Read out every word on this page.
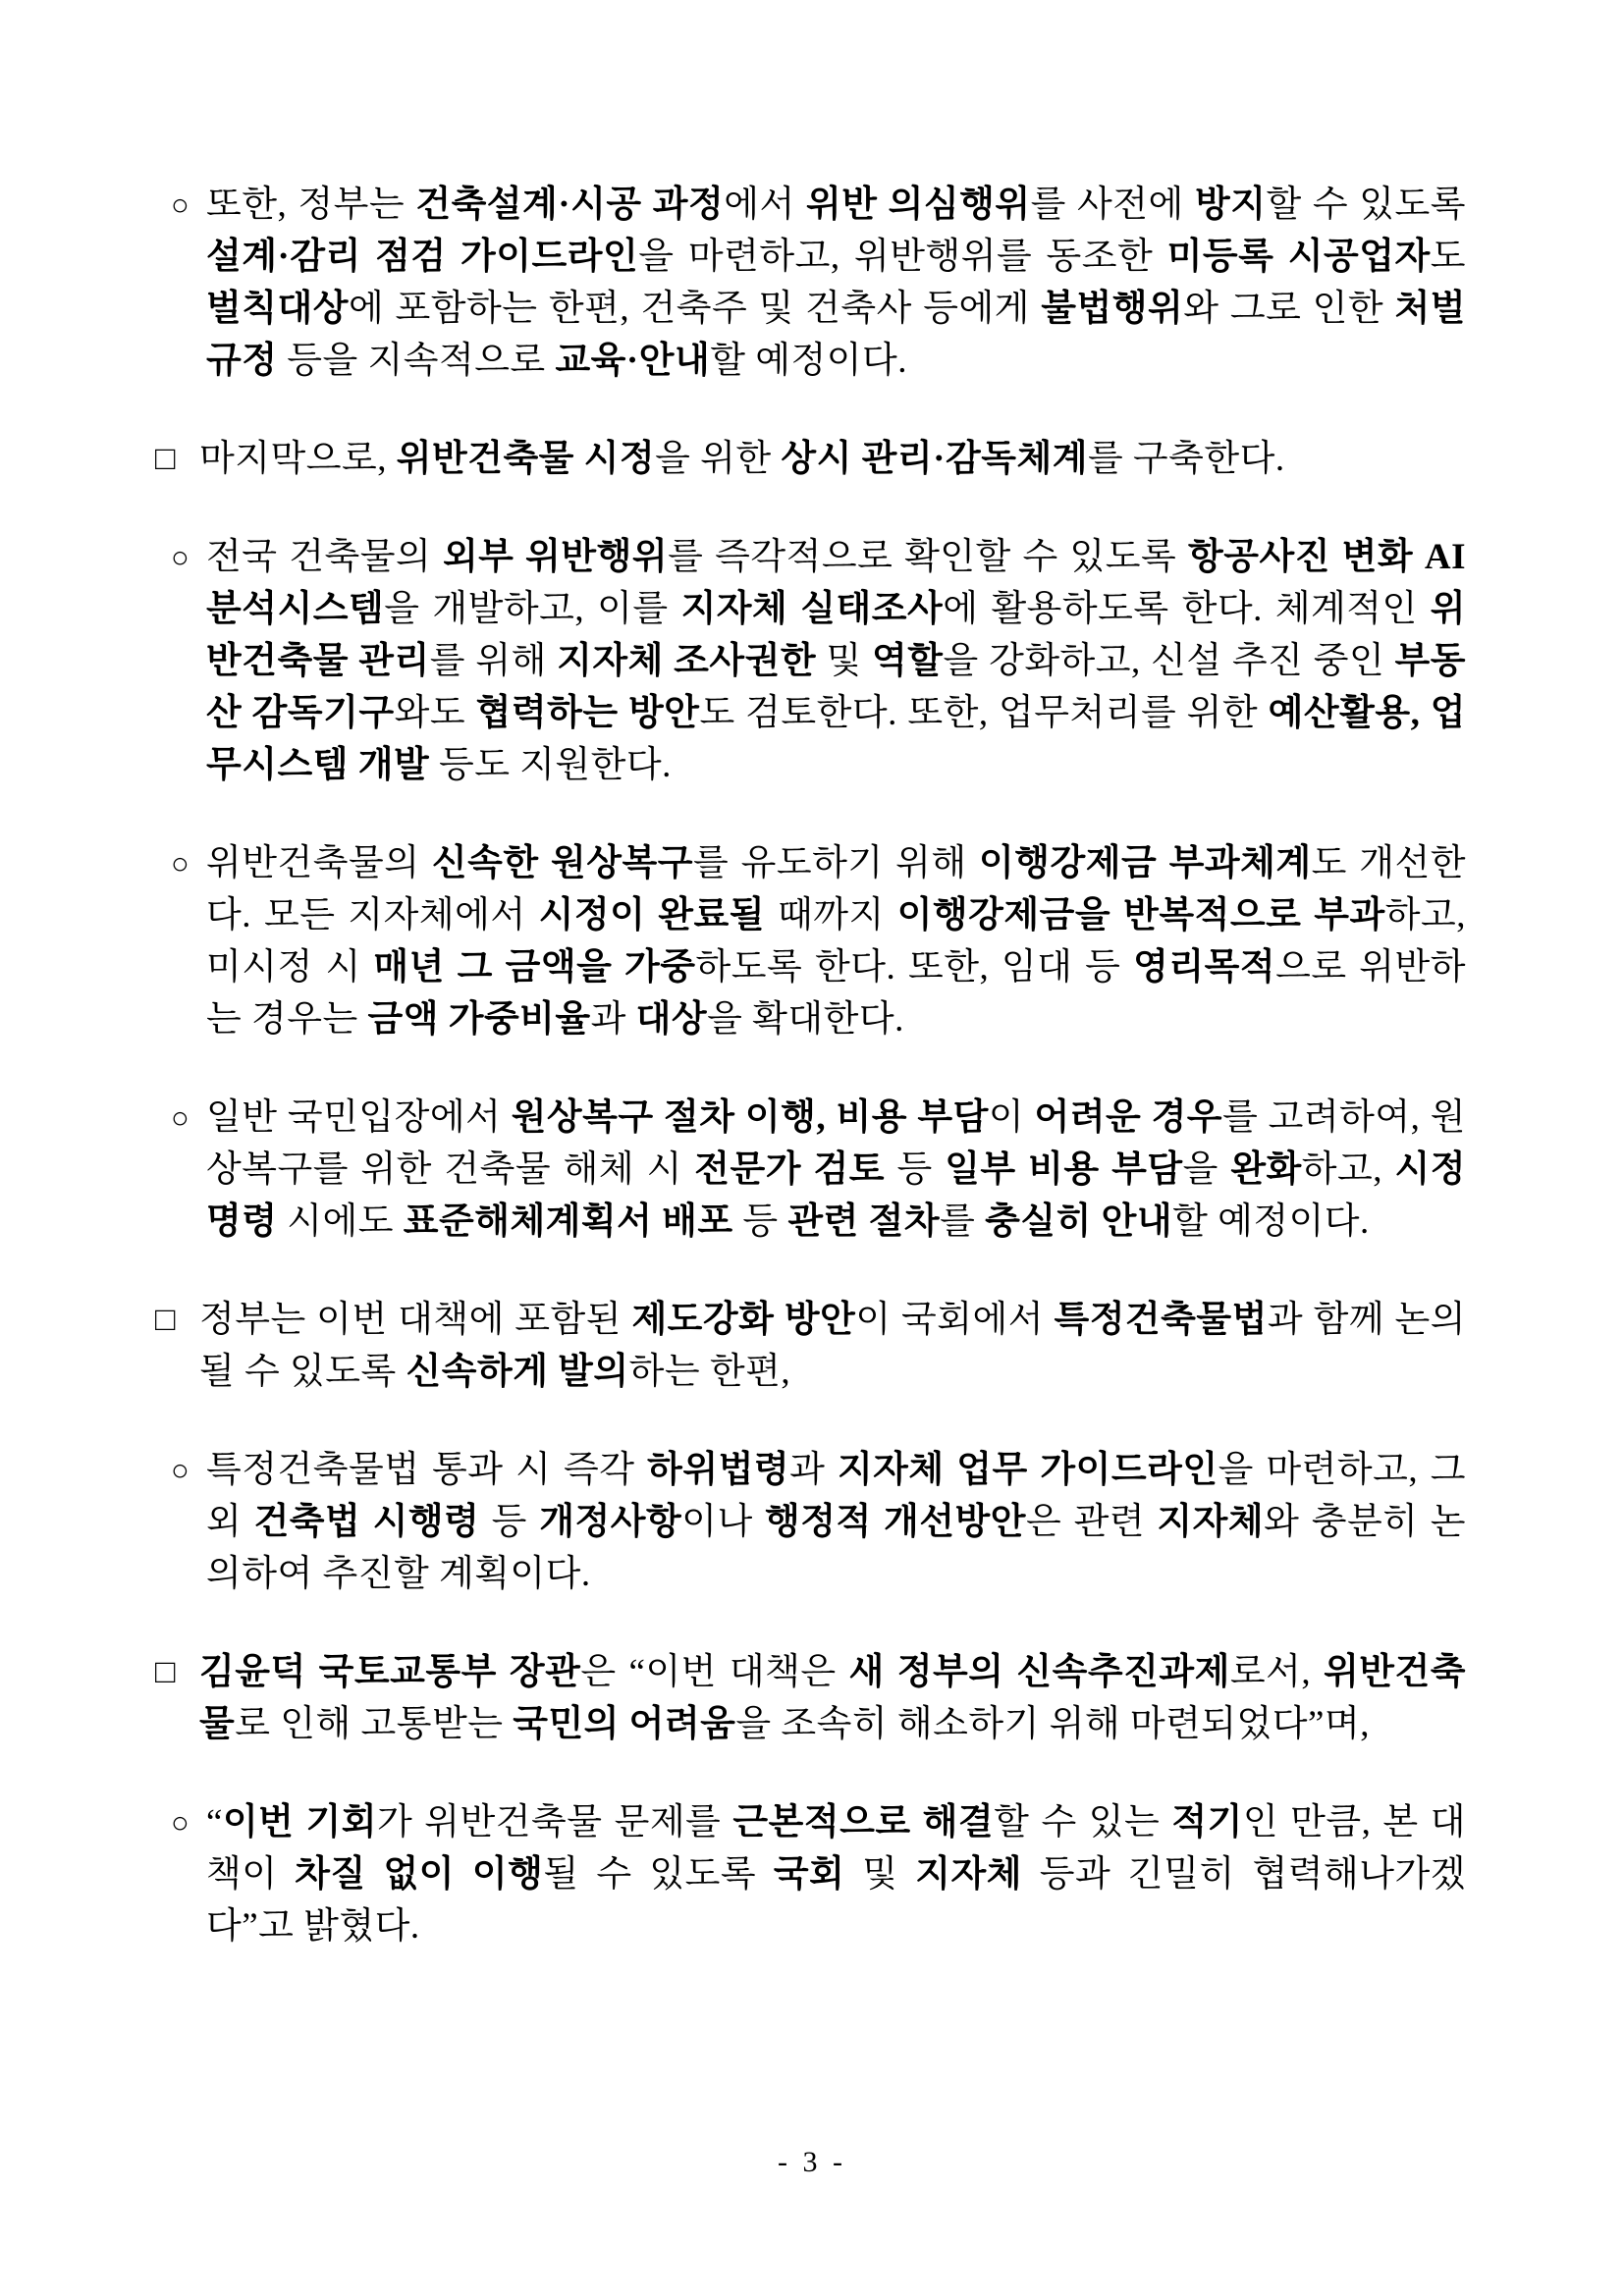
○ 또한, 정부는 건축설계·시공 과정에서 위반 의심행위를 사전에 방지할 수 있도록 설계·감리 점검 가이드라인을 마련하고, 위반행위를 동조한 미등록 시공업자도 벌칙대상에 포함하는 한편, 건축주 및 건축사 등에게 불법행위와 그로 인한 처벌규정 등을 지속적으로 교육·안내할 예정이다.
□ 마지막으로, 위반건축물 시정을 위한 상시 관리·감독체계를 구축한다.
○ 전국 건축물의 외부 위반행위를 즉각적으로 확인할 수 있도록 항공사진 변화 AI 분석시스템을 개발하고, 이를 지자체 실태조사에 활용하도록 한다. 체계적인 위반건축물 관리를 위해 지자체 조사권한 및 역할을 강화하고, 신설 추진 중인 부동산 감독기구와도 협력하는 방안도 검토한다. 또한, 업무처리를 위한 예산활용, 업무시스템 개발 등도 지원한다.
○ 위반건축물의 신속한 원상복구를 유도하기 위해 이행강제금 부과체계도 개선한다. 모든 지자체에서 시정이 완료될 때까지 이행강제금을 반복적으로 부과하고, 미시정 시 매년 그 금액을 가중하도록 한다. 또한, 임대 등 영리목적으로 위반하는 경우는 금액 가중비율과 대상을 확대한다.
○ 일반 국민입장에서 원상복구 절차 이행, 비용 부담이 어려운 경우를 고려하여, 원상복구를 위한 건축물 해체 시 전문가 검토 등 일부 비용 부담을 완화하고, 시정명령 시에도 표준해체계획서 배포 등 관련 절차를 충실히 안내할 예정이다.
□ 정부는 이번 대책에 포함된 제도강화 방안이 국회에서 특정건축물법과 함께 논의될 수 있도록 신속하게 발의하는 한편,
○ 특정건축물법 통과 시 즉각 하위법령과 지자체 업무 가이드라인을 마련하고, 그 외 건축법 시행령 등 개정사항이나 행정적 개선방안은 관련 지자체와 충분히 논의하여 추진할 계획이다.
□ 김윤덕 국토교통부 장관은 “이번 대책은 새 정부의 신속추진과제로서, 위반건축물로 인해 고통받는 국민의 어려움을 조속히 해소하기 위해 마련되었다”며,
○ “이번 기회가 위반건축물 문제를 근본적으로 해결할 수 있는 적기인 만큼, 본 대책이 차질 없이 이행될 수 있도록 국회 및 지자체 등과 긴밀히 협력해나가겠다”고 밝혔다.
- 3 -
